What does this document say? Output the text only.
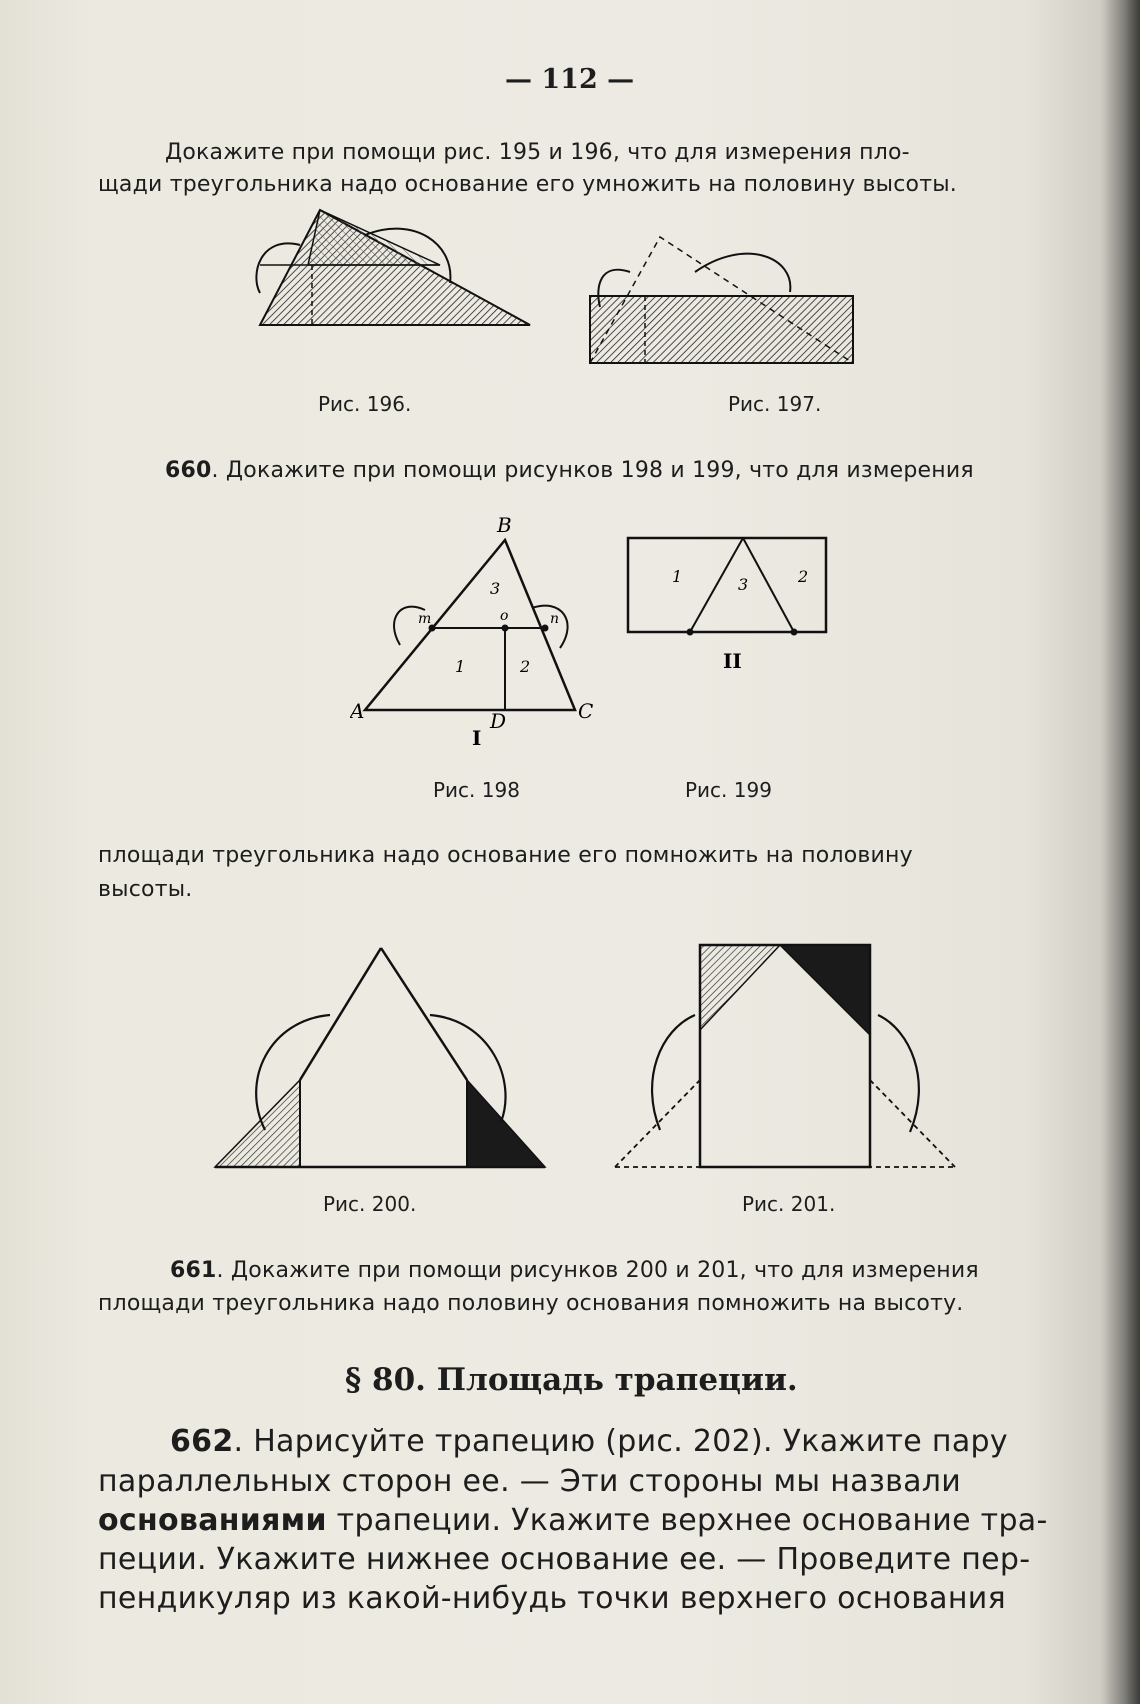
— 112 —
Докажите при помощи рис. 195 и 196, что для измерения пло-
щади треугольника надо основание его умножить на половину высоты.
Рис. 196.	Рис. 197.
660. Докажите при помощи рисунков 198 и 199, что для измерения
B
A	C
D
m	o	n
3
1	2
I
Рис. 198
1	3	2
II
Рис. 199
площади треугольника надо основание его помножить на половину
высоты.
Рис. 200.	Рис. 201.
661. Докажите при помощи рисунков 200 и 201, что для измерения
площади треугольника надо половину основания помножить на высоту.
§ 80. Площадь трапеции.
662. Нарисуйте трапецию (рис. 202). Укажите пару
параллельных сторон ее. — Эти стороны мы назвали
основаниями трапеции. Укажите верхнее основание тра-
пеции. Укажите нижнее основание ее. — Проведите пер-
пендикуляр из какой-нибудь точки верхнего основания
